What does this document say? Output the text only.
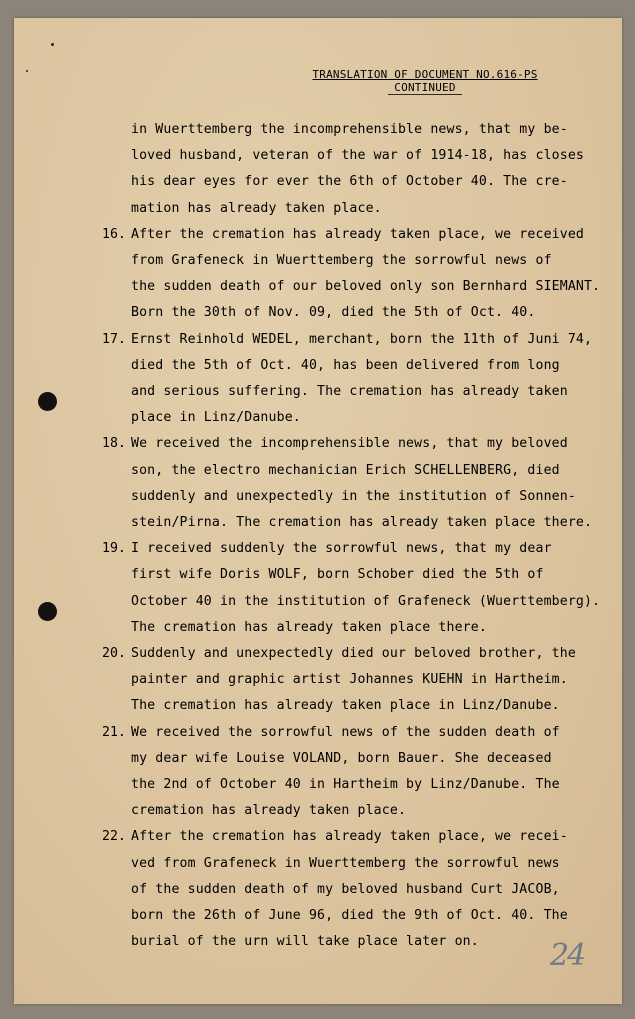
TRANSLATION OF DOCUMENT NO.616-PS
CONTINUED
in Wuerttemberg the incomprehensible news, that my be-
loved husband, veteran of the war of 1914-18, has closes
his dear eyes for ever the 6th of October 40. The cre-
mation has already taken place.
16. After the cremation has already taken place, we received
from Grafeneck in Wuerttemberg the sorrowful news of
the sudden death of our beloved only son Bernhard SIEMANT.
Born the 30th of Nov. 09, died the 5th of Oct. 40.
17. Ernst Reinhold WEDEL, merchant, born the 11th of Juni 74,
died the 5th of Oct. 40, has been delivered from long
and serious suffering. The cremation has already taken
place in Linz/Danube.
18. We received the incomprehensible news, that my beloved
son, the electro mechanician Erich SCHELLENBERG, died
suddenly and unexpectedly in the institution of Sonnen-
stein/Pirna. The cremation has already taken place there.
19. I received suddenly the sorrowful news, that my dear
first wife Doris WOLF, born Schober died the 5th of
October 40 in the institution of Grafeneck (Wuerttemberg).
The cremation has already taken place there.
20. Suddenly and unexpectedly died our beloved brother, the
painter and graphic artist Johannes KUEHN in Hartheim.
The cremation has already taken place in Linz/Danube.
21. We received the sorrowful news of the sudden death of
my dear wife Louise VOLAND, born Bauer. She deceased
the 2nd of October 40 in Hartheim by Linz/Danube. The
cremation has already taken place.
22. After the cremation has already taken place, we recei-
ved from Grafeneck in Wuerttemberg the sorrowful news
of the sudden death of my beloved husband Curt JACOB,
born the 26th of June 96, died the 9th of Oct. 40. The
burial of the urn will take place later on. 24
